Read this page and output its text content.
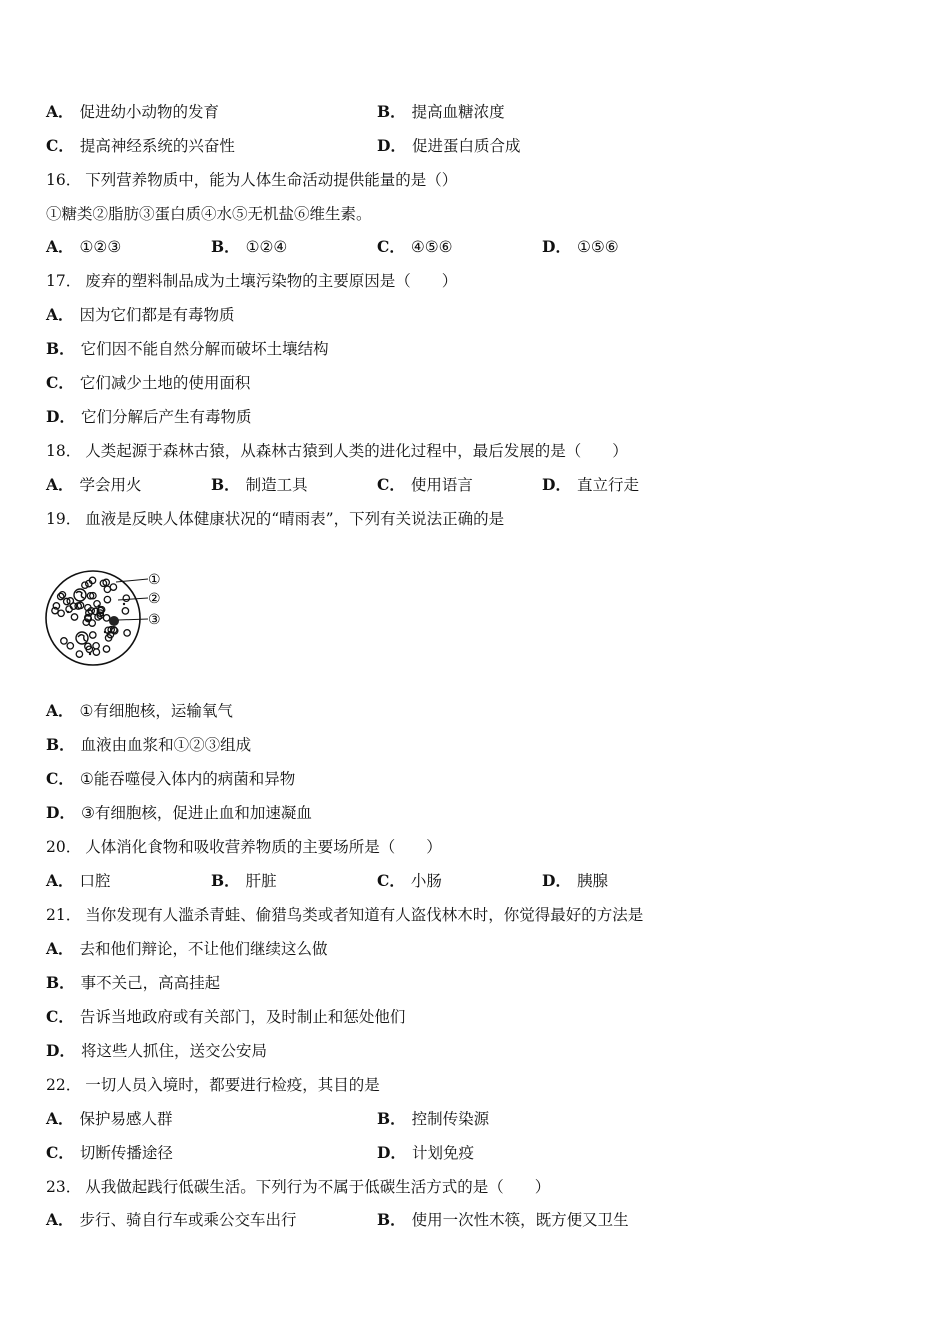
A． 促进幼小动物的发育	B． 提高血糖浓度
C． 提高神经系统的兴奋性	D． 促进蛋白质合成
16． 下列营养物质中，能为人体生命活动提供能量的是（）
①糖类②脂肪③蛋白质④水⑤无机盐⑥维生素。
A． ①②③	B． ①②④	C． ④⑤⑥	D． ①⑤⑥
17． 废弃的塑料制品成为土壤污染物的主要原因是（　　）
A． 因为它们都是有毒物质
B． 它们因不能自然分解而破坏土壤结构
C． 它们减少土地的使用面积
D． 它们分解后产生有毒物质
18． 人类起源于森林古猿，从森林古猿到人类的进化过程中，最后发展的是（　　）
A． 学会用火	B． 制造工具	C． 使用语言	D． 直立行走
19． 血液是反映人体健康状况的“晴雨表”，下列有关说法正确的是
①
②
③
A． ①有细胞核，运输氧气
B． 血液由血浆和①②③组成
C． ①能吞噬侵入体内的病菌和异物
D． ③有细胞核，促进止血和加速凝血
20． 人体消化食物和吸收营养物质的主要场所是（　　）
A． 口腔	B． 肝脏	C． 小肠	D． 胰腺
21． 当你发现有人滥杀青蛙、偷猎鸟类或者知道有人盗伐林木时，你觉得最好的方法是
A． 去和他们辩论，不让他们继续这么做
B． 事不关己，高高挂起
C． 告诉当地政府或有关部门，及时制止和惩处他们
D． 将这些人抓住，送交公安局
22． 一切人员入境时，都要进行检疫，其目的是
A． 保护易感人群	B． 控制传染源
C． 切断传播途径	D． 计划免疫
23． 从我做起践行低碳生活。下列行为不属于低碳生活方式的是（　　）
A． 步行、骑自行车或乘公交车出行	B． 使用一次性木筷，既方便又卫生
